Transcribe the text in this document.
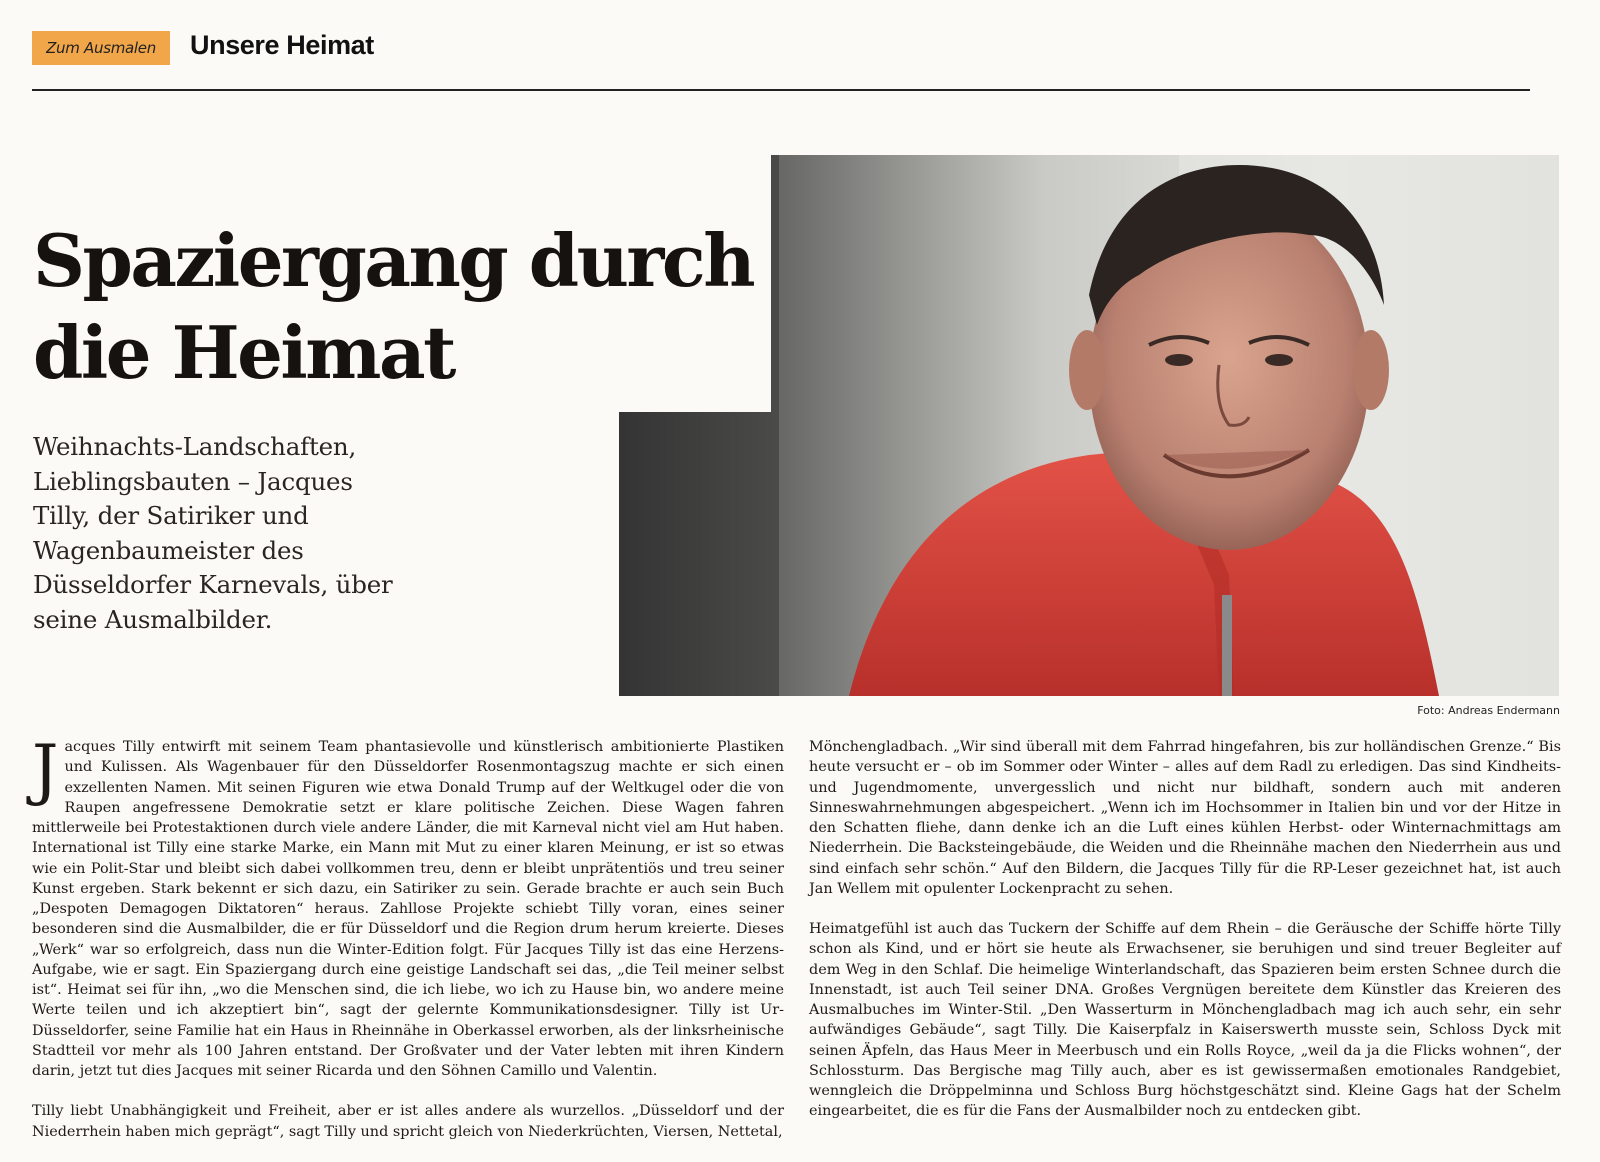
Zum Ausmalen	Unsere Heimat
Spaziergang durch die Heimat

Weihnachts-Landschaften, Lieblingsbauten – Jacques Tilly, der Satiriker und Wagenbaumeister des Düsseldorfer Karnevals, über seine Ausmalbilder.

Foto: Andreas Endermann

Jacques Tilly entwirft mit seinem Team phantasievolle und künstlerisch ambitionierte Plastiken und Kulissen. Als Wagenbauer für den Düsseldorfer Rosenmontagszug machte er sich einen exzellenten Namen. Mit seinen Figuren wie etwa Donald Trump auf der Weltkugel oder die von Raupen angefressene Demokratie setzt er klare politische Zeichen. Diese Wagen fahren mittlerweile bei Protestaktionen durch viele andere Länder, die mit Karneval nicht viel am Hut haben. International ist Tilly eine starke Marke, ein Mann mit Mut zu einer klaren Meinung, er ist so etwas wie ein Polit-Star und bleibt sich dabei vollkommen treu, denn er bleibt unprätentiös und treu seiner Kunst ergeben. Stark bekennt er sich dazu, ein Satiriker zu sein. Gerade brachte er auch sein Buch „Despoten Demagogen Diktatoren“ heraus. Zahllose Projekte schiebt Tilly voran, eines seiner besonderen sind die Ausmalbilder, die er für Düsseldorf und die Region drum herum kreierte. Dieses „Werk“ war so erfolgreich, dass nun die Winter-Edition folgt. Für Jacques Tilly ist das eine Herzens-Aufgabe, wie er sagt. Ein Spaziergang durch eine geistige Landschaft sei das, „die Teil meiner selbst ist“. Heimat sei für ihn, „wo die Menschen sind, die ich liebe, wo ich zu Hause bin, wo andere meine Werte teilen und ich akzeptiert bin“, sagt der gelernte Kommunikationsdesigner. Tilly ist Ur-Düsseldorfer, seine Familie hat ein Haus in Rheinnähe in Oberkassel erworben, als der linksrheinische Stadtteil vor mehr als 100 Jahren entstand. Der Großvater und der Vater lebten mit ihren Kindern darin, jetzt tut dies Jacques mit seiner Ricarda und den Söhnen Camillo und Valentin.

Tilly liebt Unabhängigkeit und Freiheit, aber er ist alles andere als wurzellos. „Düsseldorf und der Niederrhein haben mich geprägt“, sagt Tilly und spricht gleich von Niederkrüchten, Viersen, Nettetal,

Mönchengladbach. „Wir sind überall mit dem Fahrrad hingefahren, bis zur holländischen Grenze.“ Bis heute versucht er – ob im Sommer oder Winter – alles auf dem Radl zu erledigen. Das sind Kindheits- und Jugendmomente, unvergesslich und nicht nur bildhaft, sondern auch mit anderen Sinneswahrnehmungen abgespeichert. „Wenn ich im Hochsommer in Italien bin und vor der Hitze in den Schatten fliehe, dann denke ich an die Luft eines kühlen Herbst- oder Winternachmittags am Niederrhein. Die Backsteingebäude, die Weiden und die Rheinnähe machen den Niederrhein aus und sind einfach sehr schön.“ Auf den Bildern, die Jacques Tilly für die RP-Leser gezeichnet hat, ist auch Jan Wellem mit opulenter Lockenpracht zu sehen.

Heimatgefühl ist auch das Tuckern der Schiffe auf dem Rhein – die Geräusche der Schiffe hörte Tilly schon als Kind, und er hört sie heute als Erwachsener, sie beruhigen und sind treuer Begleiter auf dem Weg in den Schlaf. Die heimelige Winterlandschaft, das Spazieren beim ersten Schnee durch die Innenstadt, ist auch Teil seiner DNA. Großes Vergnügen bereitete dem Künstler das Kreieren des Ausmalbuches im Winter-Stil. „Den Wasserturm in Mönchengladbach mag ich auch sehr, ein sehr aufwändiges Gebäude“, sagt Tilly. Die Kaiserpfalz in Kaiserswerth musste sein, Schloss Dyck mit seinen Äpfeln, das Haus Meer in Meerbusch und ein Rolls Royce, „weil da ja die Flicks wohnen“, der Schlossturm. Das Bergische mag Tilly auch, aber es ist gewissermaßen emotionales Randgebiet, wenngleich die Dröppelminna und Schloss Burg höchstgeschätzt sind. Kleine Gags hat der Schelm eingearbeitet, die es für die Fans der Ausmalbilder noch zu entdecken gibt.
